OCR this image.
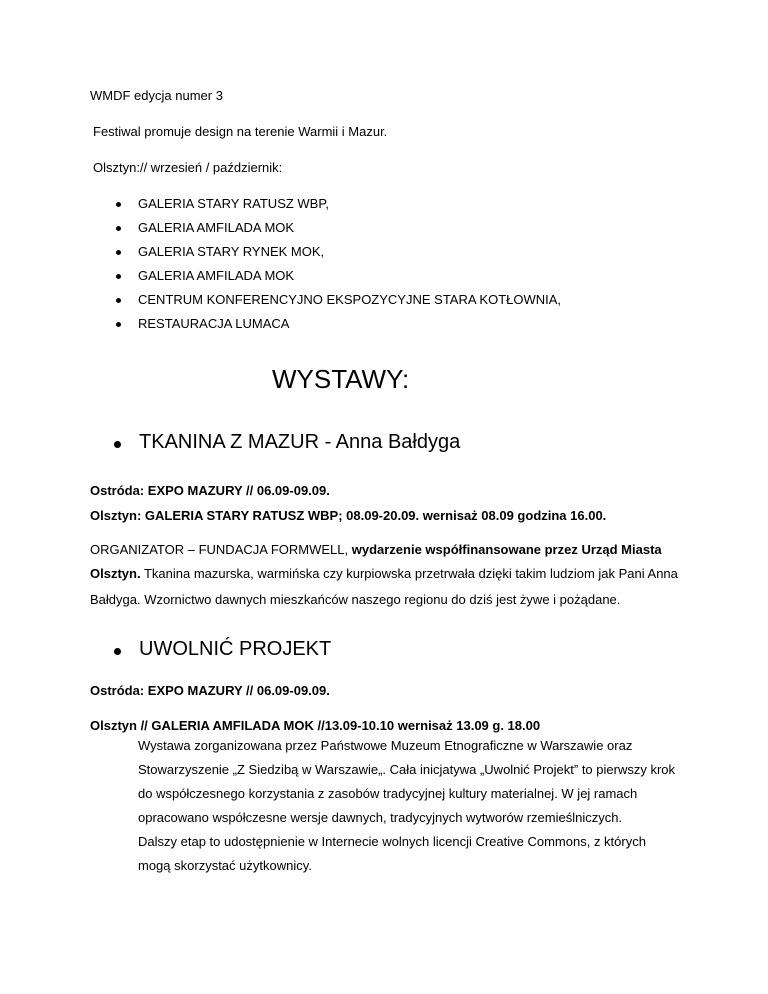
WMDF edycja numer 3
Festiwal promuje design na terenie Warmii i Mazur.
Olsztyn:// wrzesień / październik:
GALERIA STARY RATUSZ WBP,
GALERIA AMFILADA MOK
GALERIA STARY RYNEK MOK,
GALERIA AMFILADA MOK
CENTRUM KONFERENCYJNO EKSPOZYCYJNE STARA KOTŁOWNIA,
RESTAURACJA LUMACA
WYSTAWY:
TKANINA Z MAZUR - Anna Bałdyga
Ostróda: EXPO MAZURY // 06.09-09.09.
Olsztyn: GALERIA STARY RATUSZ WBP; 08.09-20.09. wernisaż 08.09 godzina 16.00.
ORGANIZATOR – FUNDACJA FORMWELL, wydarzenie współfinansowane przez Urząd Miasta
Olsztyn. Tkanina mazurska, warmińska czy kurpiowska przetrwała dzięki takim ludziom jak Pani Anna
Bałdyga. Wzornictwo dawnych mieszkańców naszego regionu do dziś jest żywe i pożądane.
UWOLNIĆ PROJEKT
Ostróda: EXPO MAZURY // 06.09-09.09.
Olsztyn // GALERIA AMFILADA MOK //13.09-10.10 wernisaż 13.09 g. 18.00
Wystawa zorganizowana przez Państwowe Muzeum Etnograficzne w Warszawie oraz
Stowarzyszenie „Z Siedzibą w Warszawie„. Cała inicjatywa „Uwolnić Projekt” to pierwszy krok
do współczesnego korzystania z zasobów tradycyjnej kultury materialnej. W jej ramach
opracowano współczesne wersje dawnych, tradycyjnych wytworów rzemieślniczych.
Dalszy etap to udostępnienie w Internecie wolnych licencji Creative Commons, z których
mogą skorzystać użytkownicy.
